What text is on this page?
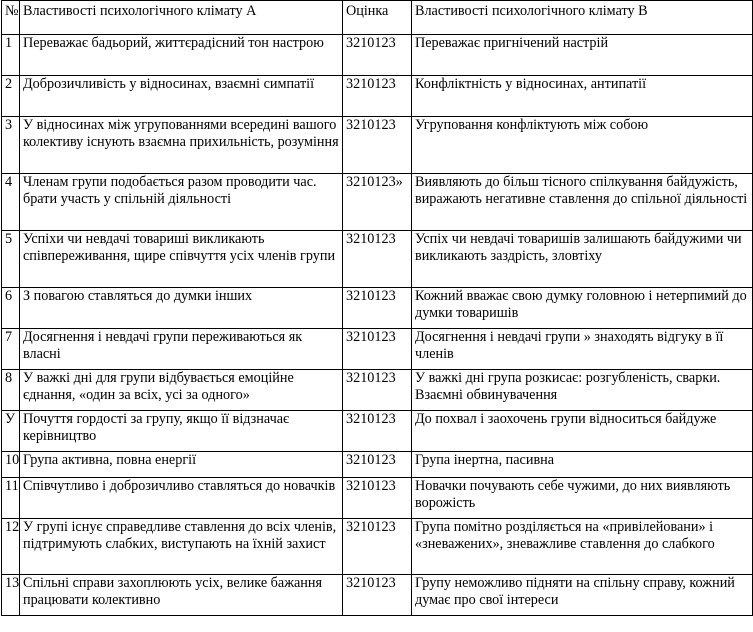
№	Властивості психологічного клімату А	Оцінка	Властивості психологічного клімату В
1	Переважає бадьорий, життєрадісний тон настрою	3210123	Переважає пригнічений настрій
2	Доброзичливість у відносинах, взаємні симпатії	3210123	Конфліктність у відносинах, антипатії
3	У відносинах між угрупованнями всередині вашого колективу існують взаємна прихильність, розуміння	3210123	Угруповання конфліктують між собою
4	Членам групи подобається разом проводити час. брати участь у спільній діяльності	3210123»	Виявляють до більш тісного спілкування байдужість, виражають негативне ставлення до спільної діяльності
5	Успіхи чи невдачі товариші викликають співпереживання, щире співчуття усіх членів групи	3210123	Успіх чи невдачі товаришів залишають байдужими чи викликають заздрість, зловтіху
6	З повагою ставляться до думки інших	3210123	Кожний вважає свою думку головною і нетерпимий до думки товаришів
7	Досягнення і невдачі групи переживаються як власні	3210123	Досягнення і невдачі групи » знаходять відгуку в її членів
8	У важкі дні для групи відбувається емоційне єднання, «один за всіх, усі за одного»	3210123	У важкі дні група розкисає: розгубленість, сварки. Взаємні обвинувачення
У	Почуття гордості за групу, якщо її відзначає керівництво	3210123	До похвал і заохочень групи відноситься байдуже
10	Група активна, повна енергії	3210123	Група інертна, пасивна
11	Співчутливо і доброзичливо ставляться до новачків	3210123	Новачки почувають себе чужими, до них виявляють ворожість
12	У групі існує справедливе ставлення до всіх членів, підтримують слабких, виступають на їхній захист	3210123	Група помітно розділяється на «привілейовани» і «зневажених», зневажливе ставлення до слабкого
13	Спільні справи захоплюють усіх, велике бажання працювати колективно	3210123	Групу неможливо підняти на спільну справу, кожний думає про свої інтереси
